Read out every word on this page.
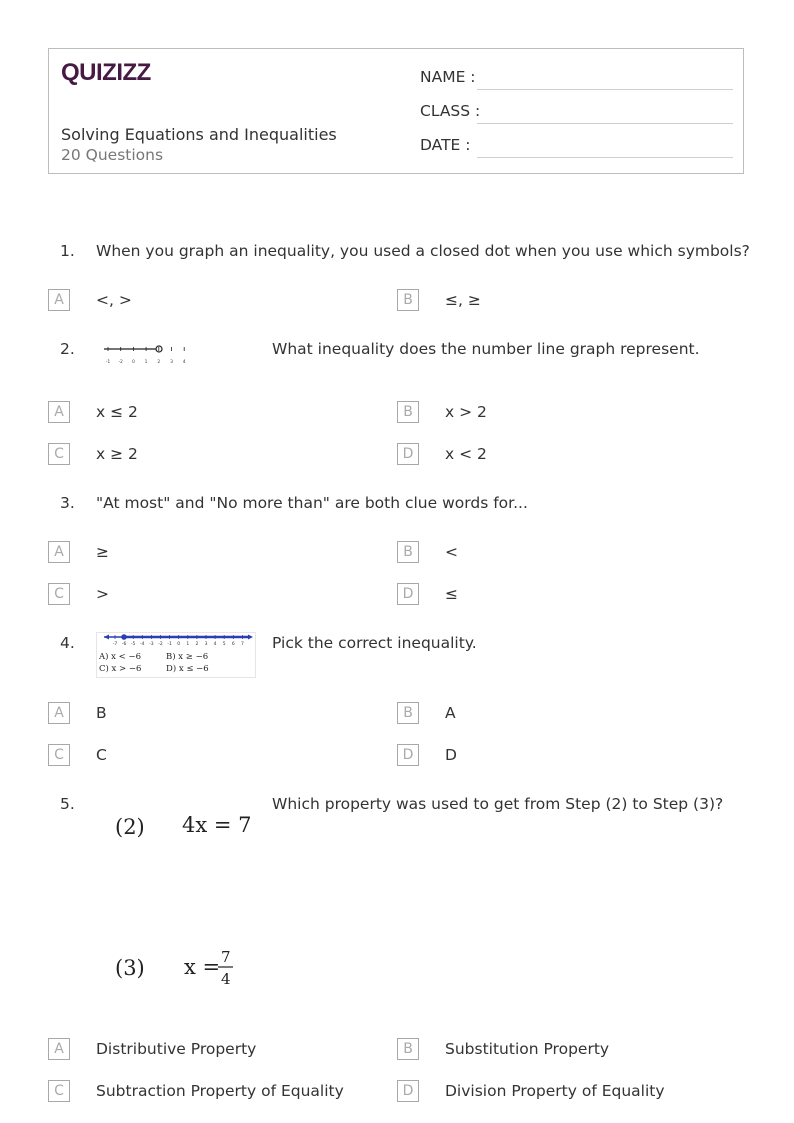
QUIZIZZ
Solving Equations and Inequalities
20 Questions
NAME :
CLASS :
DATE :
1. When you graph an inequality, you used a closed dot when you use which symbols?
A	<, >	B	≤, ≥
2.
-1 -2 0 1 2 3 4
What inequality does the number line graph represent.
A	x ≤ 2	B	x > 2
C	x ≥ 2	D	x < 2
3. "At most" and "No more than" are both clue words for...
A	≥	B	<
C	>	D	≤
4.	-7 -6 -5 -4 -3 -2 -1 0 1 2 3 4 5 6 7
A) x < −6	B) x ≥ −6
C) x > −6	D) x ≤ −6
Pick the correct inequality.
A	B	B	A
C	C	D	D
5.
(2) 4x = 7
(3) x = 7
4
Which property was used to get from Step (2) to Step (3)?
A	Distributive Property	B	Substitution Property
C	Subtraction Property of Equality	D	Division Property of Equality
